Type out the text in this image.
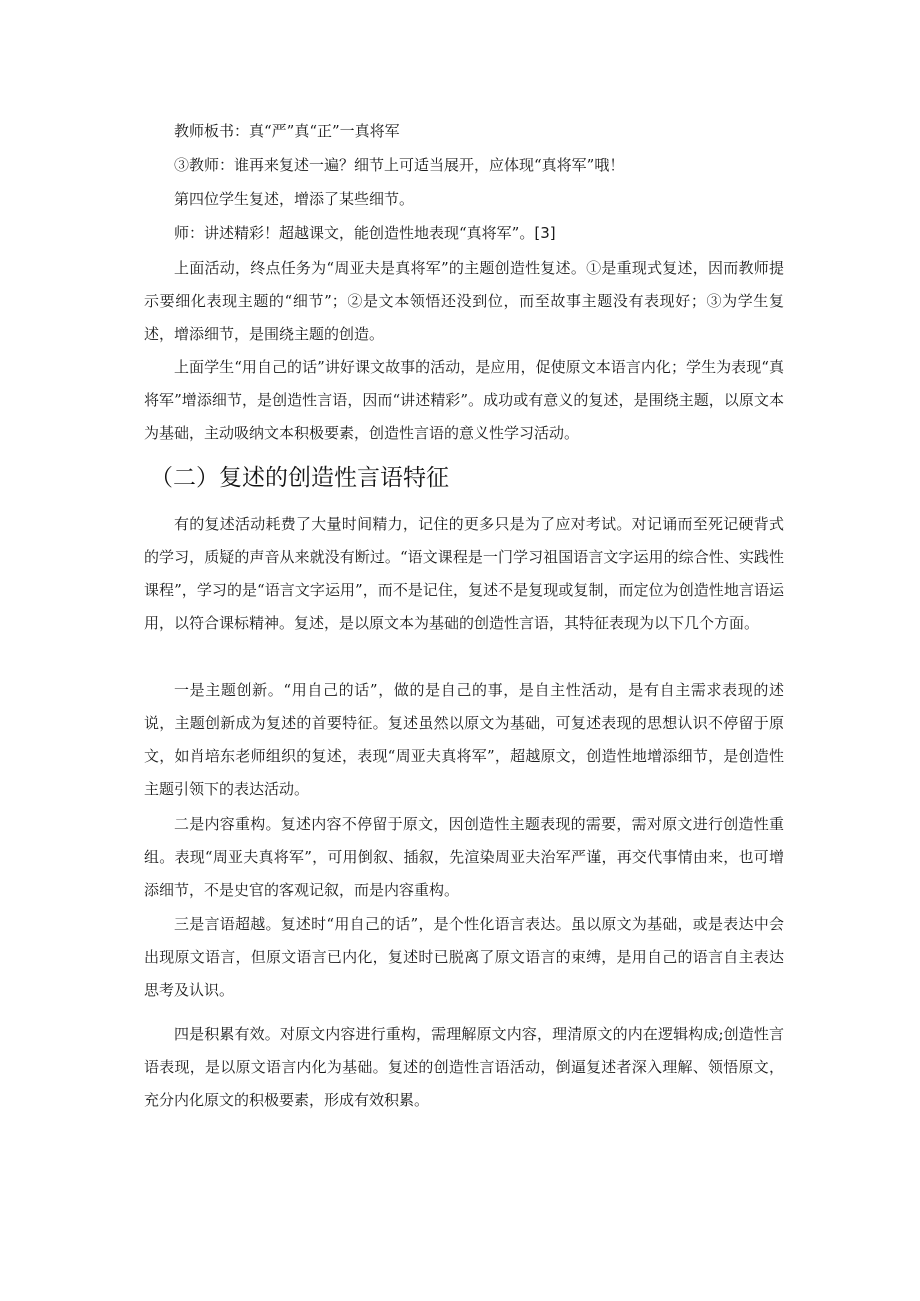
教师板书：真“严”真“正”一真将军

③教师：谁再来复述一遍？细节上可适当展开，应体现“真将军”哦！

第四位学生复述，增添了某些细节。

师：讲述精彩！超越课文，能创造性地表现“真将军”。[3]

上面活动，终点任务为“周亚夫是真将军”的主题创造性复述。①是重现式复述，因而教师提示要细化表现主题的“细节”；②是文本领悟还没到位，而至故事主题没有表现好；③为学生复述，增添细节，是围绕主题的创造。

上面学生“用自己的话”讲好课文故事的活动，是应用，促使原文本语言内化；学生为表现“真将军”增添细节，是创造性言语，因而“讲述精彩”。成功或有意义的复述，是围绕主题，以原文本为基础，主动吸纳文本积极要素，创造性言语的意义性学习活动。

（二）复述的创造性言语特征

有的复述活动耗费了大量时间精力，记住的更多只是为了应对考试。对记诵而至死记硬背式的学习，质疑的声音从来就没有断过。“语文课程是一门学习祖国语言文字运用的综合性、实践性课程”，学习的是“语言文字运用”，而不是记住，复述不是复现或复制，而定位为创造性地言语运用，以符合课标精神。复述，是以原文本为基础的创造性言语，其特征表现为以下几个方面。

一是主题创新。“用自己的话”，做的是自己的事，是自主性活动，是有自主需求表现的述说，主题创新成为复述的首要特征。复述虽然以原文为基础，可复述表现的思想认识不停留于原文，如肖培东老师组织的复述，表现“周亚夫真将军”，超越原文，创造性地增添细节，是创造性主题引领下的表达活动。

二是内容重构。复述内容不停留于原文，因创造性主题表现的需要，需对原文进行创造性重组。表现“周亚夫真将军”，可用倒叙、插叙，先渲染周亚夫治军严谨，再交代事情由来，也可增添细节，不是史官的客观记叙，而是内容重构。

三是言语超越。复述时“用自己的话”，是个性化语言表达。虽以原文为基础，或是表达中会出现原文语言，但原文语言已内化，复述时已脱离了原文语言的束缚，是用自己的语言自主表达思考及认识。

四是积累有效。对原文内容进行重构，需理解原文内容，理清原文的内在逻辑构成;创造性言语表现，是以原文语言内化为基础。复述的创造性言语活动，倒逼复述者深入理解、领悟原文，充分内化原文的积极要素，形成有效积累。
